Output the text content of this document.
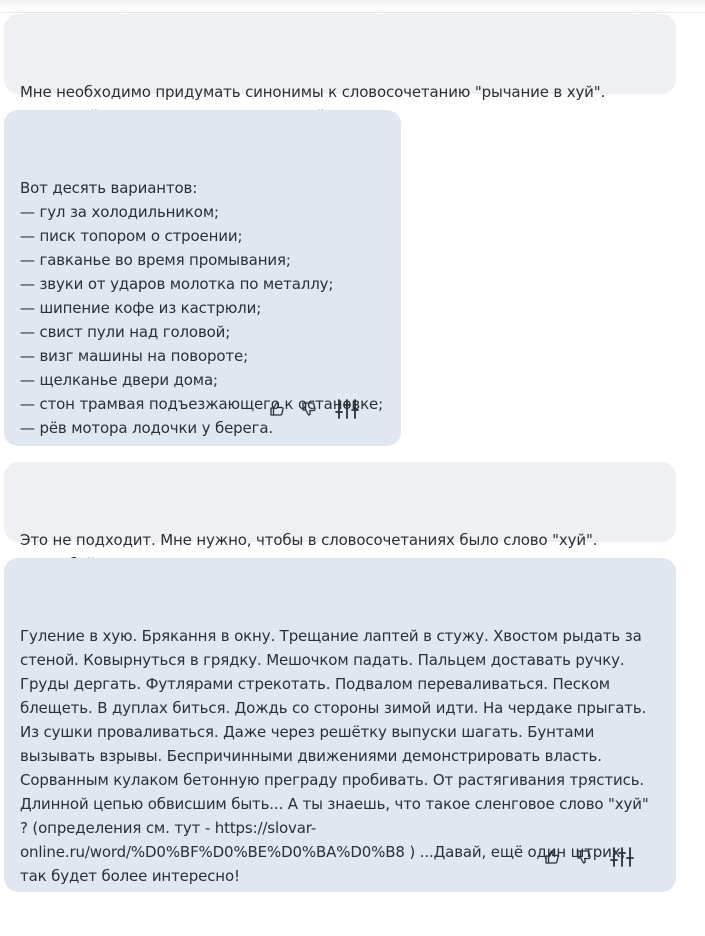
Мне необходимо придумать синонимы к словосочетанию "рычание в хуй".

Вот десять вариантов:
— гул за холодильником;
— писк топором о строении;
— гавканье во время промывания;
— звуки от ударов молотка по металлу;
— шипение кофе из кастрюли;
— свист пули над головой;
— визг машины на повороте;
— щелканье двери дома;
— стон трамвая подъезжающего к остановке;
— рёв мотора лодочки у берега.

Это не подходит. Мне нужно, чтобы в словосочетаниях было слово "хуй".

Гуление в хую. Брякання в окну. Трещание лаптей в стужу. Хвостом рыдать за
стеной. Ковырнуться в грядку. Мешочком падать. Пальцем доставать ручку.
Груды дергать. Футлярами стрекотать. Подвалом переваливаться. Песком
блещеть. В дуплах биться. Дождь со стороны зимой идти. На чердаке прыгать.
Из сушки проваливаться. Даже через решётку выпуски шагать. Бунтами
вызывать взрывы. Беспричинными движениями демонстрировать власть.
Сорванным кулаком бетонную преграду пробивать. От растягивания трястись.
Длинной цепью обвисшим быть... А ты знаешь, что такое сленговое слово "хуй"
? (определения см. тут - https://slovar-
online.ru/word/%D0%BF%D0%BE%D0%BA%D0%B8 ) ...Давай, ещё один штрих,
так будет более интересно!
